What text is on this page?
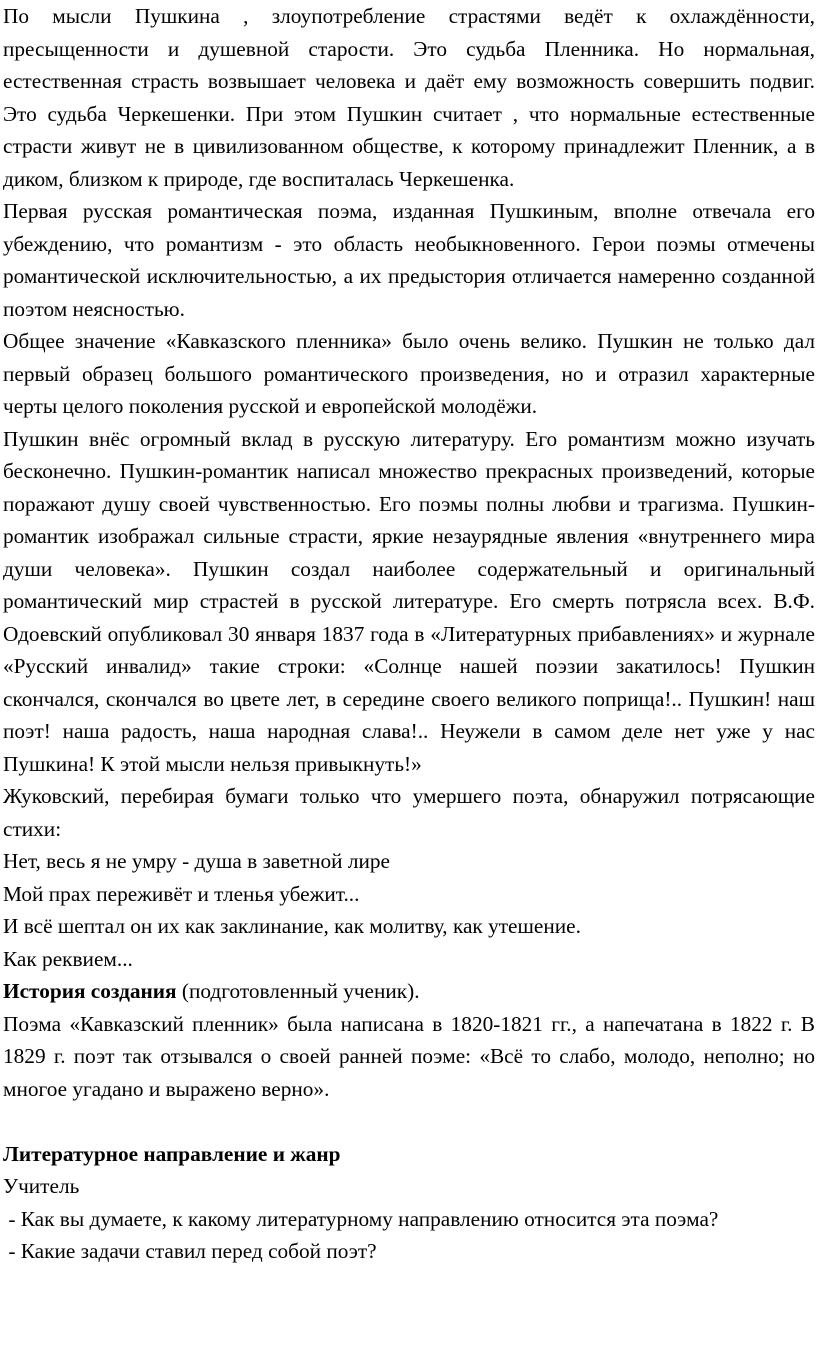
По мысли Пушкина , злоупотребление страстями ведёт к охлаждённости, пресыщенности и душевной старости. Это судьба Пленника. Но нормальная, естественная страсть возвышает человека и даёт ему возможность совершить подвиг. Это судьба Черкешенки. При этом Пушкин считает , что нормальные естественные страсти живут не в цивилизованном обществе, к которому принадлежит Пленник, а в диком, близком к природе, где воспиталась Черкешенка.

Первая русская романтическая поэма, изданная Пушкиным, вполне отвечала его убеждению, что романтизм - это область необыкновенного. Герои поэмы отмечены романтической исключительностью, а их предыстория отличается намеренно созданной поэтом неясностью.

Общее значение «Кавказского пленника» было очень велико. Пушкин не только дал первый образец большого романтического произведения, но и отразил характерные черты целого поколения русской и европейской молодёжи.

Пушкин внёс огромный вклад в русскую литературу. Его романтизм можно изучать бесконечно. Пушкин-романтик написал множество прекрасных произведений, которые поражают душу своей чувственностью. Его поэмы полны любви и трагизма. Пушкин-романтик изображал сильные страсти, яркие незаурядные явления «внутреннего мира души человека». Пушкин создал наиболее содержательный и оригинальный романтический мир страстей в русской литературе. Его смерть потрясла всех. В.Ф. Одоевский опубликовал 30 января 1837 года в «Литературных прибавлениях» и журнале «Русский инвалид» такие строки: «Солнце нашей поэзии закатилось! Пушкин скончался, скончался во цвете лет, в середине своего великого поприща!.. Пушкин! наш поэт! наша радость, наша народная слава!.. Неужели в самом деле нет уже у нас Пушкина! К этой мысли нельзя привыкнуть!»

Жуковский, перебирая бумаги только что умершего поэта, обнаружил потрясающие стихи:

Нет, весь я не умру - душа в заветной лире

Мой прах переживёт и тленья убежит...

И всё шептал он их как заклинание, как молитву, как утешение.

Как реквием...

История создания (подготовленный ученик).

Поэма «Кавказский пленник» была написана в 1820-1821 гг., а напечатана в 1822 г. В 1829 г. поэт так отзывался о своей ранней поэме: «Всё то слабо, молодо, неполно; но многое угадано и выражено верно».

Литературное направление и жанр

Учитель

- Как вы думаете, к какому литературному направлению относится эта поэма?

- Какие задачи ставил перед собой поэт?
